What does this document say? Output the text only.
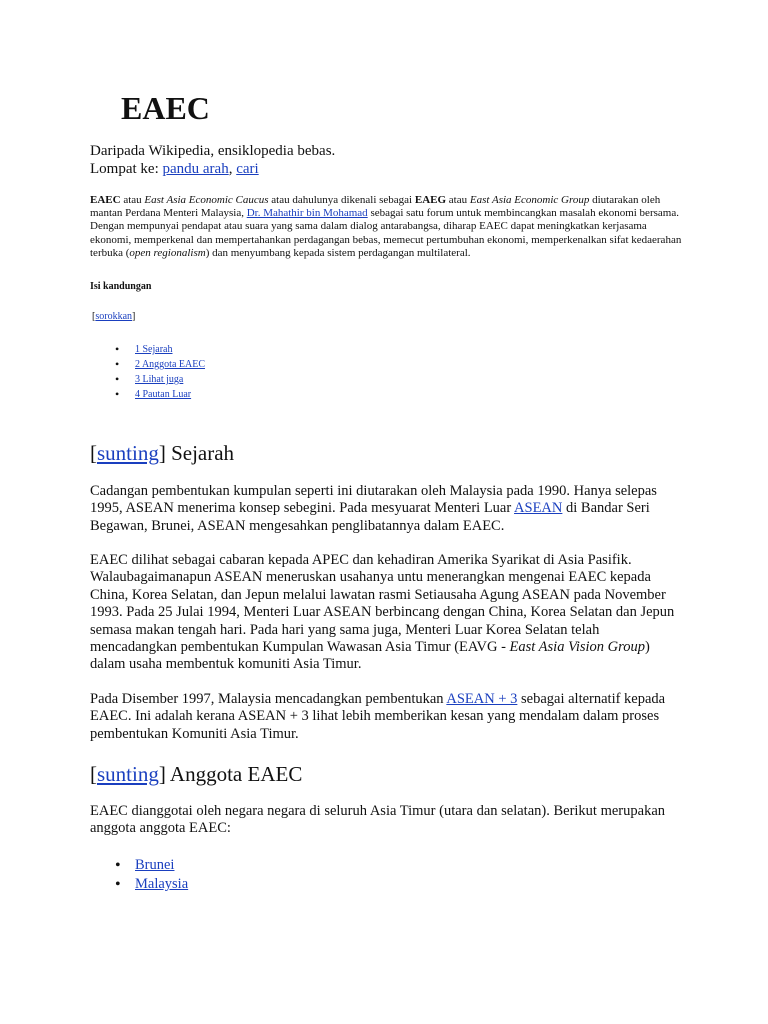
EAEC
Daripada Wikipedia, ensiklopedia bebas.
Lompat ke: pandu arah, cari

EAEC atau East Asia Economic Caucus atau dahulunya dikenali sebagai EAEG atau East Asia Economic Group diutarakan oleh mantan Perdana Menteri Malaysia, Dr. Mahathir bin Mohamad sebagai satu forum untuk membincangkan masalah ekonomi bersama. Dengan mempunyai pendapat atau suara yang sama dalam dialog antarabangsa, diharap EAEC dapat meningkatkan kerjasama ekonomi, memperkenal dan mempertahankan perdagangan bebas, memecut pertumbuhan ekonomi, memperkenalkan sifat kedaerahan terbuka (open regionalism) dan menyumbang kepada sistem perdagangan multilateral.

Isi kandungan
[sorokkan]
• 1 Sejarah
• 2 Anggota EAEC
• 3 Lihat juga
• 4 Pautan Luar
[sunting] Sejarah

Cadangan pembentukan kumpulan seperti ini diutarakan oleh Malaysia pada 1990. Hanya selepas 1995, ASEAN menerima konsep sebegini. Pada mesyuarat Menteri Luar ASEAN di Bandar Seri Begawan, Brunei, ASEAN mengesahkan penglibatannya dalam EAEC.

EAEC dilihat sebagai cabaran kepada APEC dan kehadiran Amerika Syarikat di Asia Pasifik. Walaubagaimanapun ASEAN meneruskan usahanya untu menerangkan mengenai EAEC kepada China, Korea Selatan, dan Jepun melalui lawatan rasmi Setiausaha Agung ASEAN pada November 1993. Pada 25 Julai 1994, Menteri Luar ASEAN berbincang dengan China, Korea Selatan dan Jepun semasa makan tengah hari. Pada hari yang sama juga, Menteri Luar Korea Selatan telah mencadangkan pembentukan Kumpulan Wawasan Asia Timur (EAVG - East Asia Vision Group) dalam usaha membentuk komuniti Asia Timur.

Pada Disember 1997, Malaysia mencadangkan pembentukan ASEAN + 3 sebagai alternatif kepada EAEC. Ini adalah kerana ASEAN + 3 lihat lebih memberikan kesan yang mendalam dalam proses pembentukan Komuniti Asia Timur.

[sunting] Anggota EAEC

EAEC dianggotai oleh negara negara di seluruh Asia Timur (utara dan selatan). Berikut merupakan anggota anggota EAEC:

• Brunei
• Malaysia
